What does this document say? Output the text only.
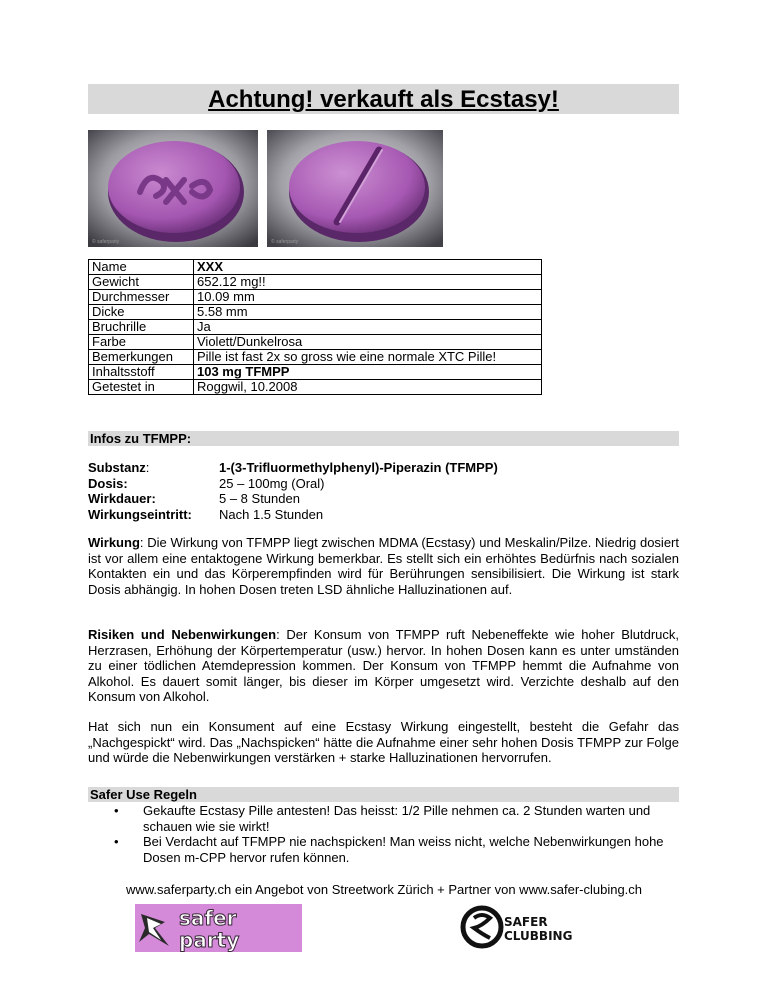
Achtung! verkauft als Ecstasy!
© saferparty	© saferparty
Name	XXX
Gewicht	652.12 mg!!
Durchmesser	10.09 mm
Dicke	5.58 mm
Bruchrille	Ja
Farbe	Violett/Dunkelrosa
Bemerkungen	Pille ist fast 2x so gross wie eine normale XTC Pille!
Inhaltsstoff	103 mg TFMPP
Getestet in	Roggwil, 10.2008
Infos zu TFMPP:
Substanz:	1-(3-Trifluormethylphenyl)-Piperazin (TFMPP)
Dosis:	25 – 100mg (Oral)
Wirkdauer:	5 – 8 Stunden
Wirkungseintritt:	Nach 1.5 Stunden
Wirkung: Die Wirkung von TFMPP liegt zwischen MDMA (Ecstasy) und Meskalin/Pilze. Niedrig dosiert ist vor allem eine entaktogene Wirkung bemerkbar. Es stellt sich ein erhöhtes Bedürfnis nach sozialen Kontakten ein und das Körperempfinden wird für Berührungen sensibilisiert. Die Wirkung ist stark Dosis abhängig. In hohen Dosen treten LSD ähnliche Halluzinationen auf.
Risiken und Nebenwirkungen: Der Konsum von TFMPP ruft Nebeneffekte wie hoher Blutdruck, Herzrasen, Erhöhung der Körpertemperatur (usw.) hervor. In hohen Dosen kann es unter umständen zu einer tödlichen Atemdepression kommen. Der Konsum von TFMPP hemmt die Aufnahme von Alkohol. Es dauert somit länger, bis dieser im Körper umgesetzt wird. Verzichte deshalb auf den Konsum von Alkohol.
Hat sich nun ein Konsument auf eine Ecstasy Wirkung eingestellt, besteht die Gefahr das „Nachgespickt“ wird. Das „Nachspicken“ hätte die Aufnahme einer sehr hohen Dosis TFMPP zur Folge und würde die Nebenwirkungen verstärken + starke Halluzinationen hervorrufen.
Safer Use Regeln
• Gekaufte Ecstasy Pille antesten! Das heisst: 1/2 Pille nehmen ca. 2 Stunden warten und schauen wie sie wirkt!
• Bei Verdacht auf TFMPP nie nachspicken! Man weiss nicht, welche Nebenwirkungen hohe Dosen m-CPP hervor rufen können.
www.saferparty.ch ein Angebot von Streetwork Zürich + Partner von www.safer-clubing.ch
safer
party
SAFER
CLUBBING
